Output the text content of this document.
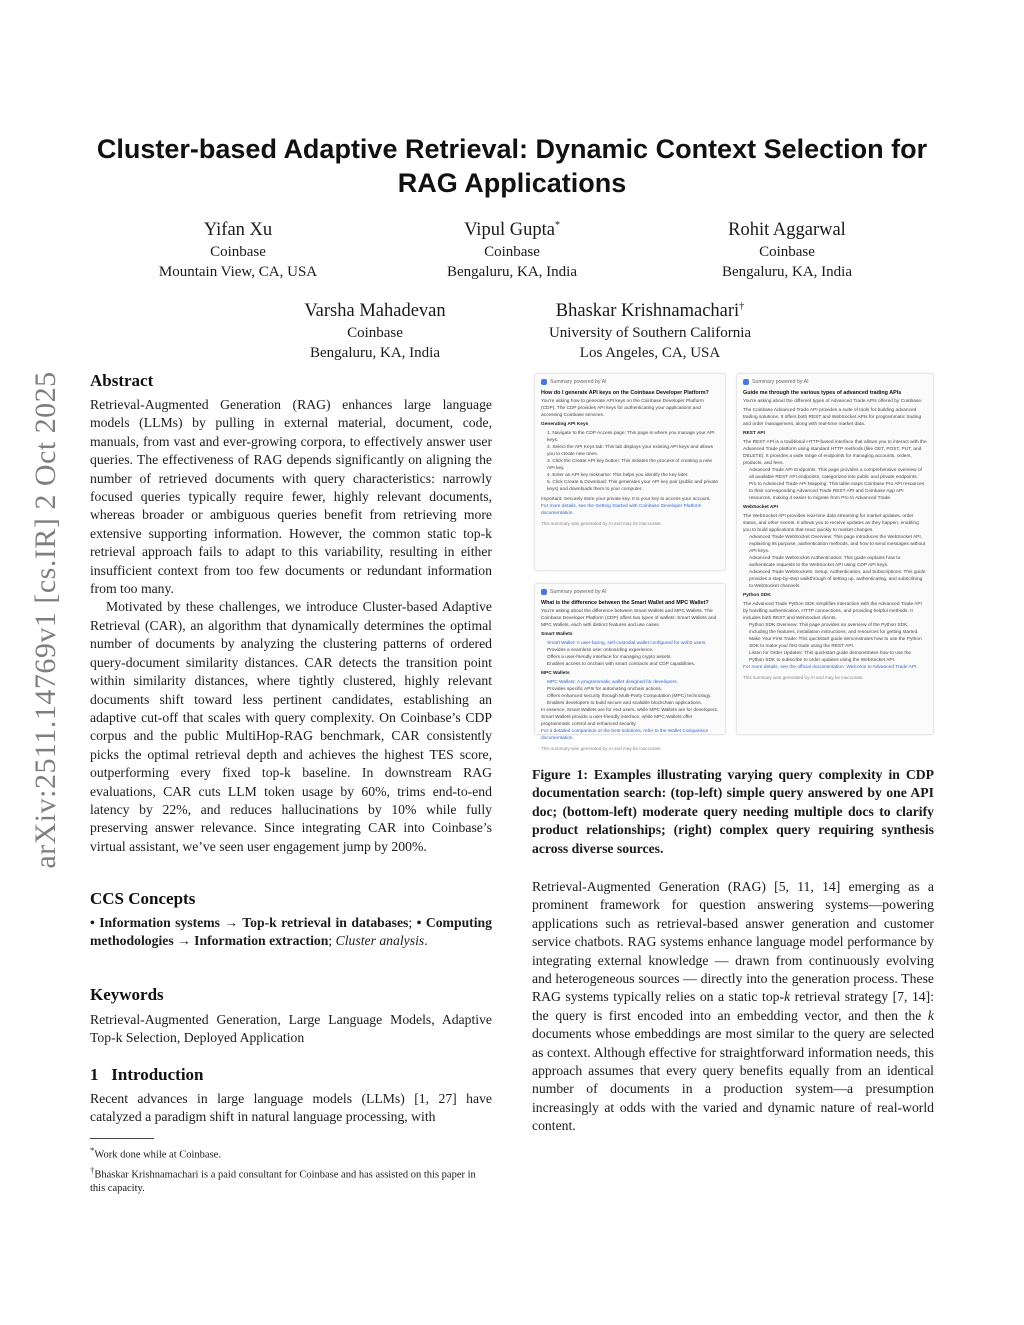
arXiv:2511.14769v1 [cs.IR] 2 Oct 2025
Cluster-based Adaptive Retrieval: Dynamic Context Selection for RAG Applications
Yifan Xu
Coinbase
Mountain View, CA, USA
Vipul Gupta*
Coinbase
Bengaluru, KA, India
Rohit Aggarwal
Coinbase
Bengaluru, KA, India
Varsha Mahadevan
Coinbase
Bengaluru, KA, India
Bhaskar Krishnamachari†
University of Southern California
Los Angeles, CA, USA
Abstract

Retrieval-Augmented Generation (RAG) enhances large language models (LLMs) by pulling in external material, document, code, manuals, from vast and ever-growing corpora, to effectively answer user queries. The effectiveness of RAG depends significantly on aligning the number of retrieved documents with query characteristics: narrowly focused queries typically require fewer, highly relevant documents, whereas broader or ambiguous queries benefit from retrieving more extensive supporting information. However, the common static top-k retrieval approach fails to adapt to this variability, resulting in either insufficient context from too few documents or redundant information from too many.

Motivated by these challenges, we introduce Cluster-based Adaptive Retrieval (CAR), an algorithm that dynamically determines the optimal number of documents by analyzing the clustering patterns of ordered query-document similarity distances. CAR detects the transition point within similarity distances, where tightly clustered, highly relevant documents shift toward less pertinent candidates, establishing an adaptive cut-off that scales with query complexity. On Coinbase’s CDP corpus and the public MultiHop-RAG benchmark, CAR consistently picks the optimal retrieval depth and achieves the highest TES score, outperforming every fixed top-k baseline. In downstream RAG evaluations, CAR cuts LLM token usage by 60%, trims end-to-end latency by 22%, and reduces hallucinations by 10% while fully preserving answer relevance. Since integrating CAR into Coinbase’s virtual assistant, we’ve seen user engagement jump by 200%.

CCS Concepts
• Information systems → Top-k retrieval in databases; • Computing methodologies → Information extraction; Cluster analysis.
Keywords
Retrieval-Augmented Generation, Large Language Models, Adaptive Top-k Selection, Deployed Application
1 Introduction
Recent advances in large language models (LLMs) [1, 27] have catalyzed a paradigm shift in natural language processing, with
*Work done while at Coinbase.
†Bhaskar Krishnamachari is a paid consultant for Coinbase and has assisted on this paper in this capacity.
Summary powered by AI
How do I generate API keys on the Coinbase Developer Platform?
You're asking how to generate API keys on the Coinbase Developer Platform (CDP). The CDP provides API keys for authenticating your applications and accessing Coinbase services.
Generating API Keys
1. Navigate to the CDP Access page: This page is where you manage your API keys.
2. Select the API Keys tab: This tab displays your existing API keys and allows you to create new ones.
3. Click the Create API key button: This initiates the process of creating a new API key.
4. Enter an API key nickname: This helps you identify the key later.
5. Click Create & Download: This generates your API key pair (public and private keys) and downloads them to your computer.
Important: Securely store your private key. It is your key to access your account.
For more details, see the Getting Started with Coinbase Developer Platform documentation.
This summary was generated by AI and may be inaccurate.
Summary powered by AI
What is the difference between the Smart Wallet and MPC Wallet?
You're asking about the difference between Smart Wallets and MPC Wallets. The Coinbase Developer Platform (CDP) offers two types of wallets: Smart Wallets and MPC Wallets, each with distinct features and use cases.
Smart Wallets
Smart Wallet: A user-facing, self-custodial wallet configured for web3 users.
Provides a seamless user onboarding experience.
Offers a user-friendly interface for managing crypto assets.
Enables access to onchain with smart contracts and CDP capabilities.
MPC Wallets
MPC Wallets: A programmatic wallet designed for developers.
Provides specific APIs for automating onchain actions.
Offers enhanced security through Multi-Party Computation (MPC) technology.
Enables developers to build secure and scalable blockchain applications.
In essence, Smart Wallets are for end-users, while MPC Wallets are for developers. Smart Wallets provide a user-friendly interface, while MPC Wallets offer programmatic control and enhanced security.
For a detailed comparison or the best solutions, refer to the Wallet Comparison documentation.
This summary was generated by AI and may be inaccurate.
Summary powered by AI
Guide me through the various types of advanced trading APIs
You're asking about the different types of Advanced Trade APIs offered by Coinbase.
The Coinbase Advanced Trade API provides a suite of tools for building advanced trading solutions. It offers both REST and WebSocket APIs for programmatic trading and order management, along with real-time market data.
REST API
The REST API is a traditional HTTP-based interface that allows you to interact with the Advanced Trade platform using standard HTTP methods (like GET, POST, PUT, and DELETE). It provides a wide range of endpoints for managing accounts, orders, products, and fees.
Advanced Trade API Endpoints: This page provides a comprehensive overview of all available REST API endpoints, categorized into public and private endpoints.
Pro to Advanced Trade API Mapping: This table maps Coinbase Pro API resources to their corresponding Advanced Trade REST API and Coinbase App API resources, making it easier to migrate from Pro to Advanced Trade.
WebSocket API
The WebSocket API provides real-time data streaming for market updates, order status, and other events. It allows you to receive updates as they happen, enabling you to build applications that react quickly to market changes.
Advanced Trade WebSocket Overview: This page introduces the WebSocket API, explaining its purpose, authentication methods, and how to send messages without API keys.
Advanced Trade WebSocket Authentication: This guide explains how to authenticate requests to the WebSocket API using CDP API keys.
Advanced Trade WebSockets: Setup, Authentication, and Subscriptions: This guide provides a step-by-step walkthrough of setting up, authenticating, and subscribing to WebSocket channels.
Python SDK
The Advanced Trade Python SDK simplifies interaction with the Advanced Trade API by handling authentication, HTTP connections, and providing helpful methods. It includes both REST and WebSocket clients.
Python SDK Overview: This page provides an overview of the Python SDK, including the features, installation instructions, and resources for getting started.
Make Your First Trade: This quickstart guide demonstrates how to use the Python SDK to make your first trade using the REST API.
Listen for Order Updates: This quickstart guide demonstrates how to use the Python SDK to subscribe to order updates using the WebSocket API.
For more details, see the official documentation: Welcome to Advanced Trade API.
This summary was generated by AI and may be inaccurate.
Figure 1: Examples illustrating varying query complexity in CDP documentation search: (top-left) simple query answered by one API doc; (bottom-left) moderate query needing multiple docs to clarify product relationships; (right) complex query requiring synthesis across diverse sources.
Retrieval-Augmented Generation (RAG) [5, 11, 14] emerging as a prominent framework for question answering systems—powering applications such as retrieval-based answer generation and customer service chatbots. RAG systems enhance language model performance by integrating external knowledge — drawn from continuously evolving and heterogeneous sources — directly into the generation process. These RAG systems typically relies on a static top-k retrieval strategy [7, 14]: the query is first encoded into an embedding vector, and then the k documents whose embeddings are most similar to the query are selected as context. Although effective for straightforward information needs, this approach assumes that every query benefits equally from an identical number of documents in a production system—a presumption increasingly at odds with the varied and dynamic nature of real-world content.
